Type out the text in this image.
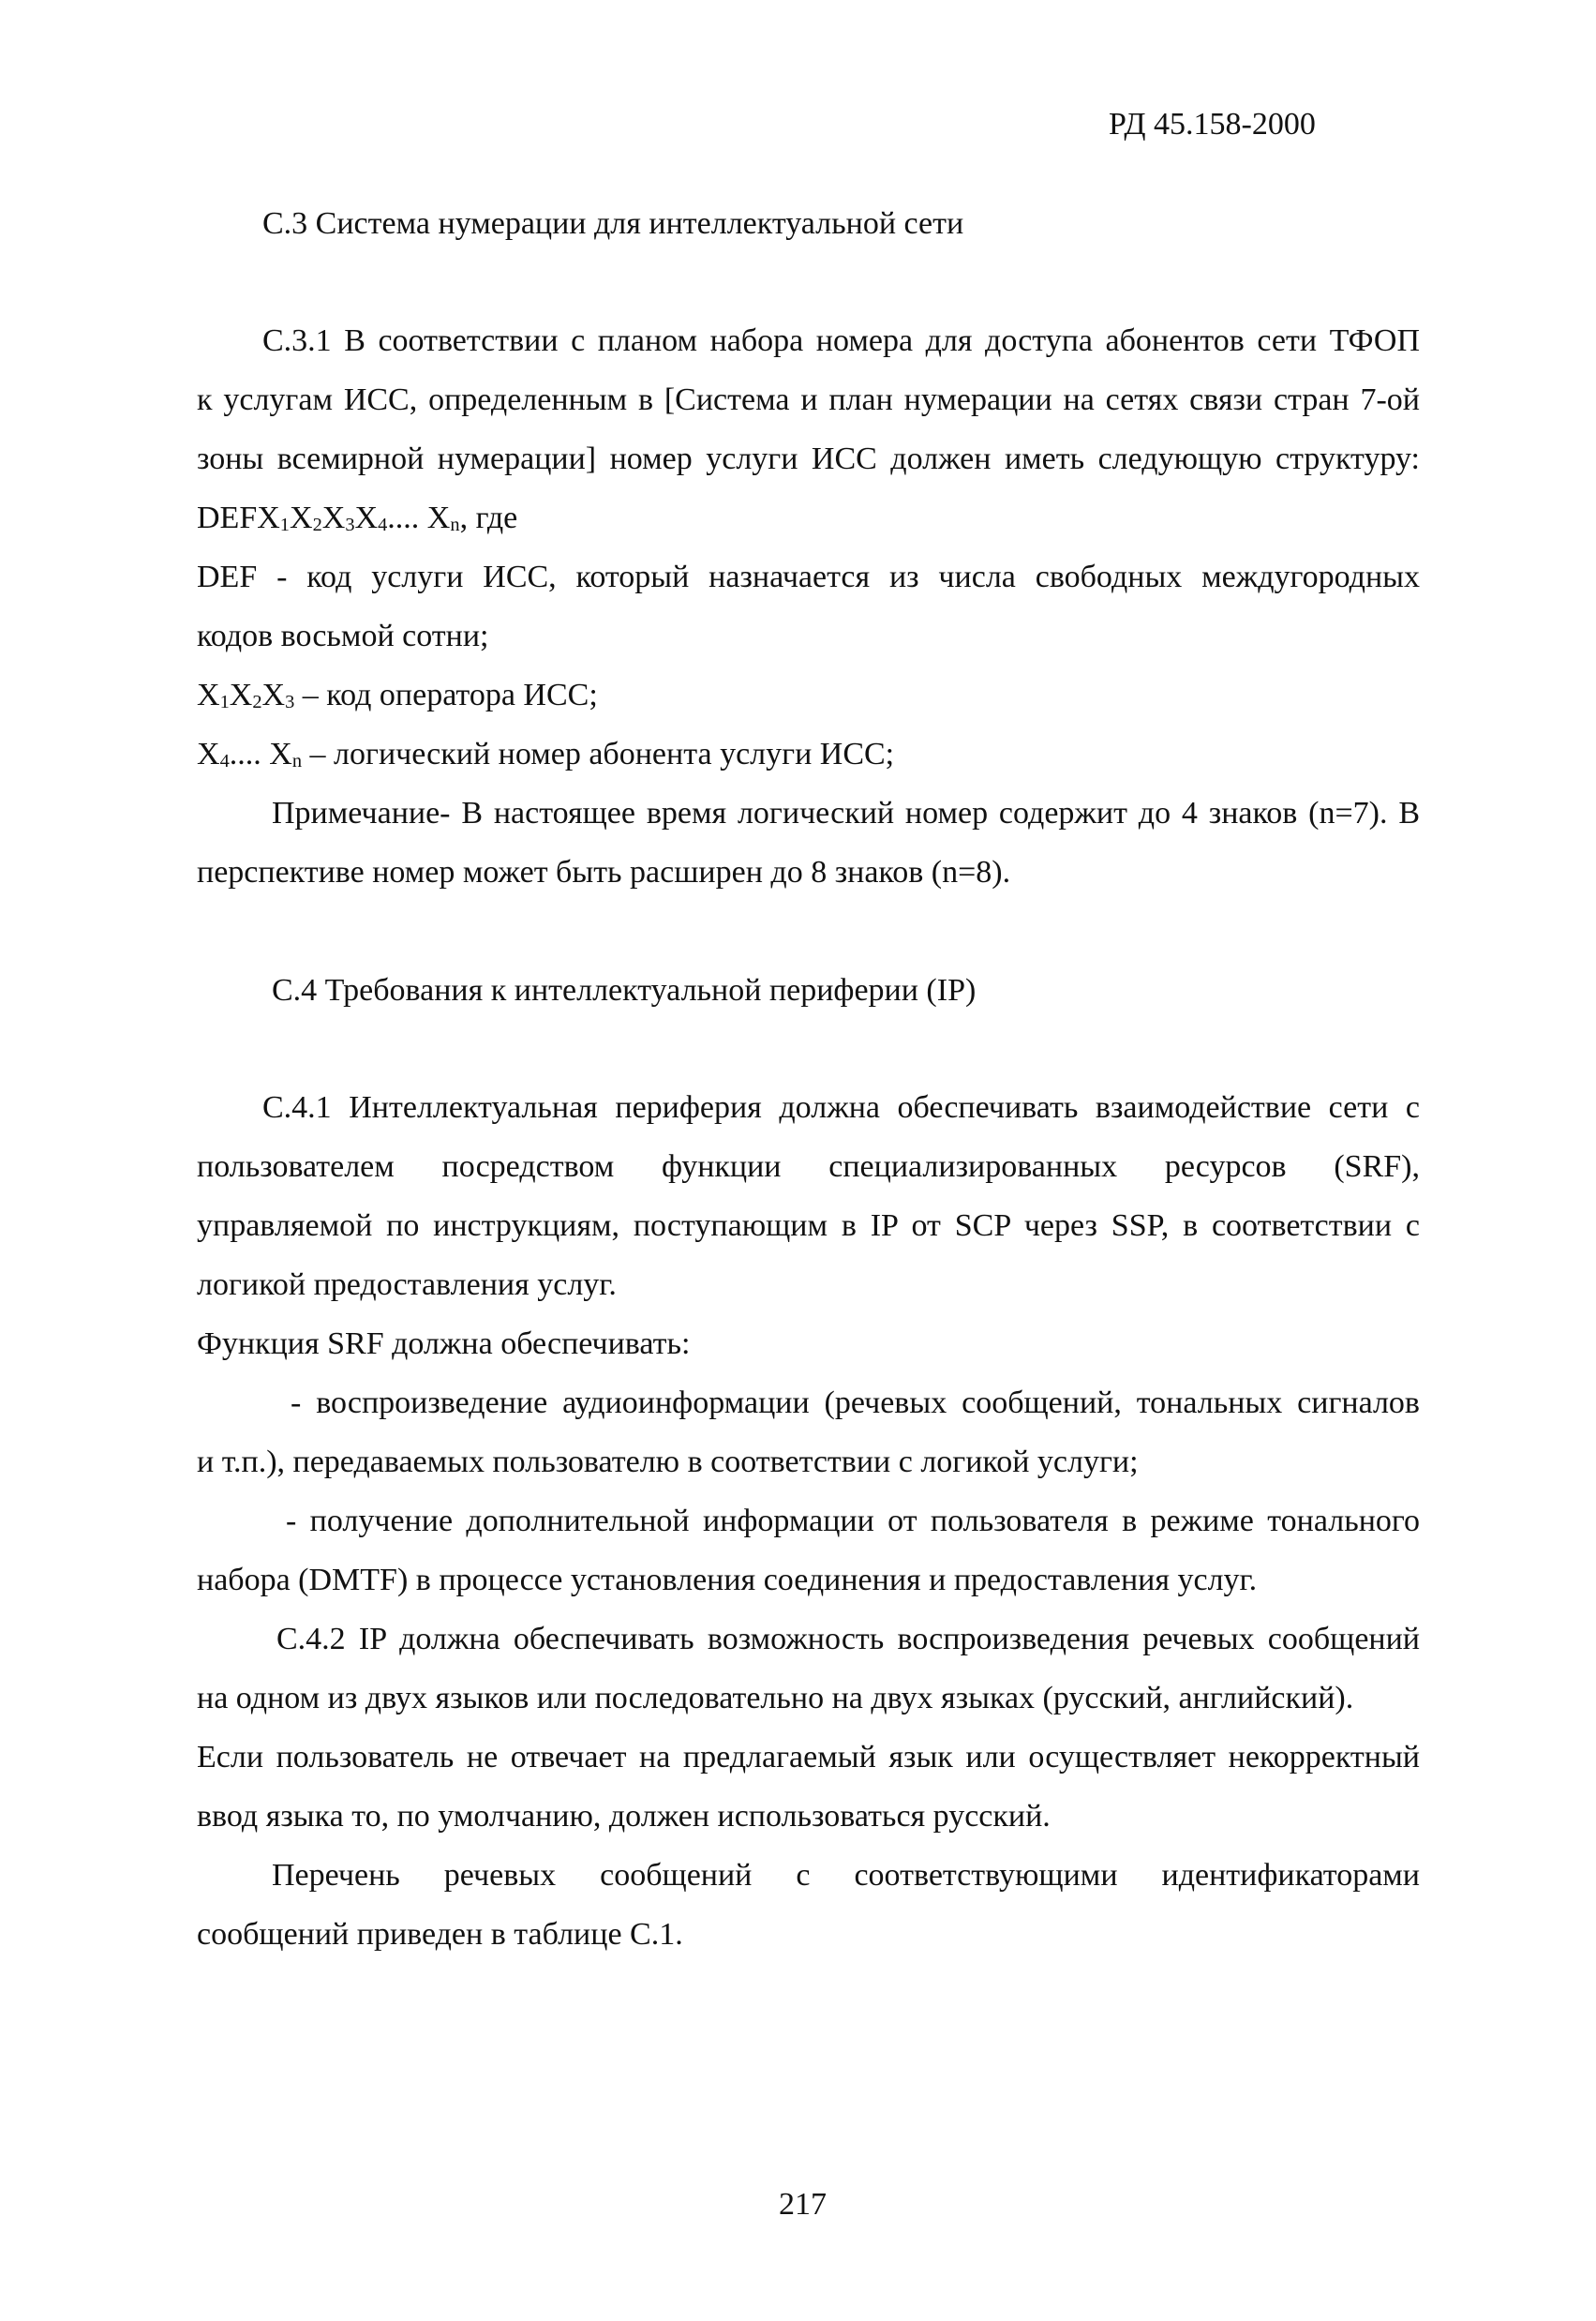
РД 45.158-2000
С.3 Система нумерации для интеллектуальной сети
С.3.1 В соответствии с планом набора номера для доступа абонентов сети ТФОП
к услугам ИСС, определенным в [Система и план нумерации на сетях связи стран 7-ой
зоны всемирной нумерации] номер услуги ИСС должен иметь следующую структуру:
$DEFX_1X_2X_3X_4$.... $X_n$, где
DEF - код услуги ИСС, который назначается из числа свободных междугородных
кодов восьмой сотни;
$X_1X_2X_3$ – код оператора ИСС;
$X_4$.... $X_n$ – логический номер абонента услуги ИСС;
Примечание- В настоящее время логический номер содержит до 4 знаков (n=7). В
перспективе номер может быть расширен до 8 знаков (n=8).
С.4 Требования к интеллектуальной периферии (IP)
С.4.1 Интеллектуальная периферия должна обеспечивать взаимодействие сети с
пользователем посредством функции специализированных ресурсов (SRF),
управляемой по инструкциям, поступающим в IP от SCP через SSP, в соответствии с
логикой предоставления услуг.
Функция SRF должна обеспечивать:
- воспроизведение аудиоинформации (речевых сообщений, тональных сигналов
и т.п.), передаваемых пользователю в соответствии с логикой услуги;
- получение дополнительной информации от пользователя в режиме тонального
набора (DMTF) в процессе установления соединения и предоставления услуг.
С.4.2 IP должна обеспечивать возможность воспроизведения речевых сообщений
на одном из двух языков или последовательно на двух языках (русский, английский).
Если пользователь не отвечает на предлагаемый язык или осуществляет некорректный
ввод языка то, по умолчанию, должен использоваться русский.
Перечень речевых сообщений с соответствующими идентификаторами
сообщений приведен в таблице С.1.
217
